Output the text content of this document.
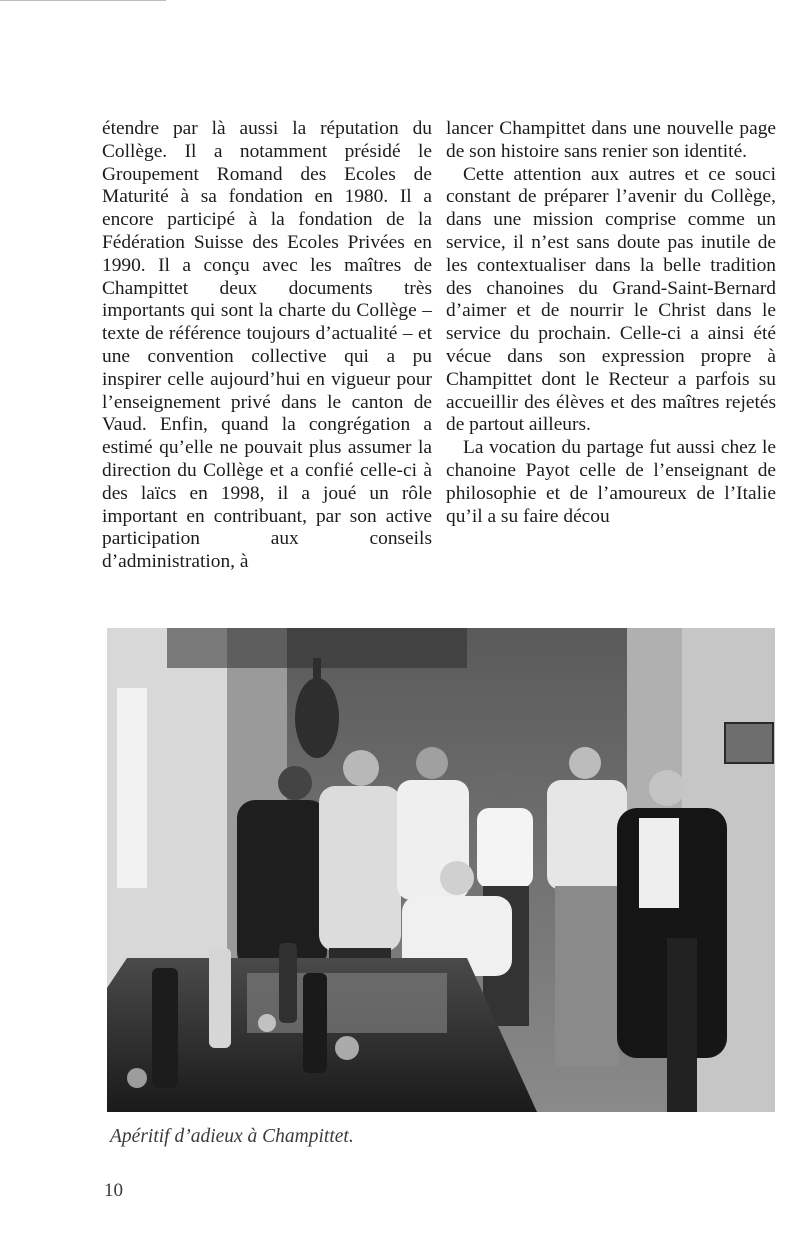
étendre par là aussi la réputation du Collège. Il a notamment présidé le Groupement Romand des Ecoles de Maturité à sa fondation en 1980. Il a encore participé à la fondation de la Fédération Suisse des Ecoles Privées en 1990. Il a conçu avec les maîtres de Champittet deux documents très importants qui sont la charte du Collège – texte de référence toujours d’actualité – et une convention collective qui a pu inspirer celle aujourd’hui en vigueur pour l’enseignement privé dans le canton de Vaud. Enfin, quand la congrégation a estimé qu’elle ne pouvait plus assumer la direction du Collège et a confié celle-ci à des laïcs en 1998, il a joué un rôle important en contribuant, par son active participation aux conseils d’administration, à

lancer Champittet dans une nouvelle page de son histoire sans renier son identité.

Cette attention aux autres et ce souci constant de préparer l’avenir du Collège, dans une mission comprise comme un service, il n’est sans doute pas inutile de les contextualiser dans la belle tradition des chanoines du Grand-Saint-Bernard d’aimer et de nourrir le Christ dans le service du prochain. Celle-ci a ainsi été vécue dans son expression propre à Champittet dont le Recteur a parfois su accueillir des élèves et des maîtres rejetés de partout ailleurs.

La vocation du partage fut aussi chez le chanoine Payot celle de l’enseignant de philosophie et de l’amoureux de l’Italie qu’il a su faire décou

Apéritif d’adieux à Champittet.
10
